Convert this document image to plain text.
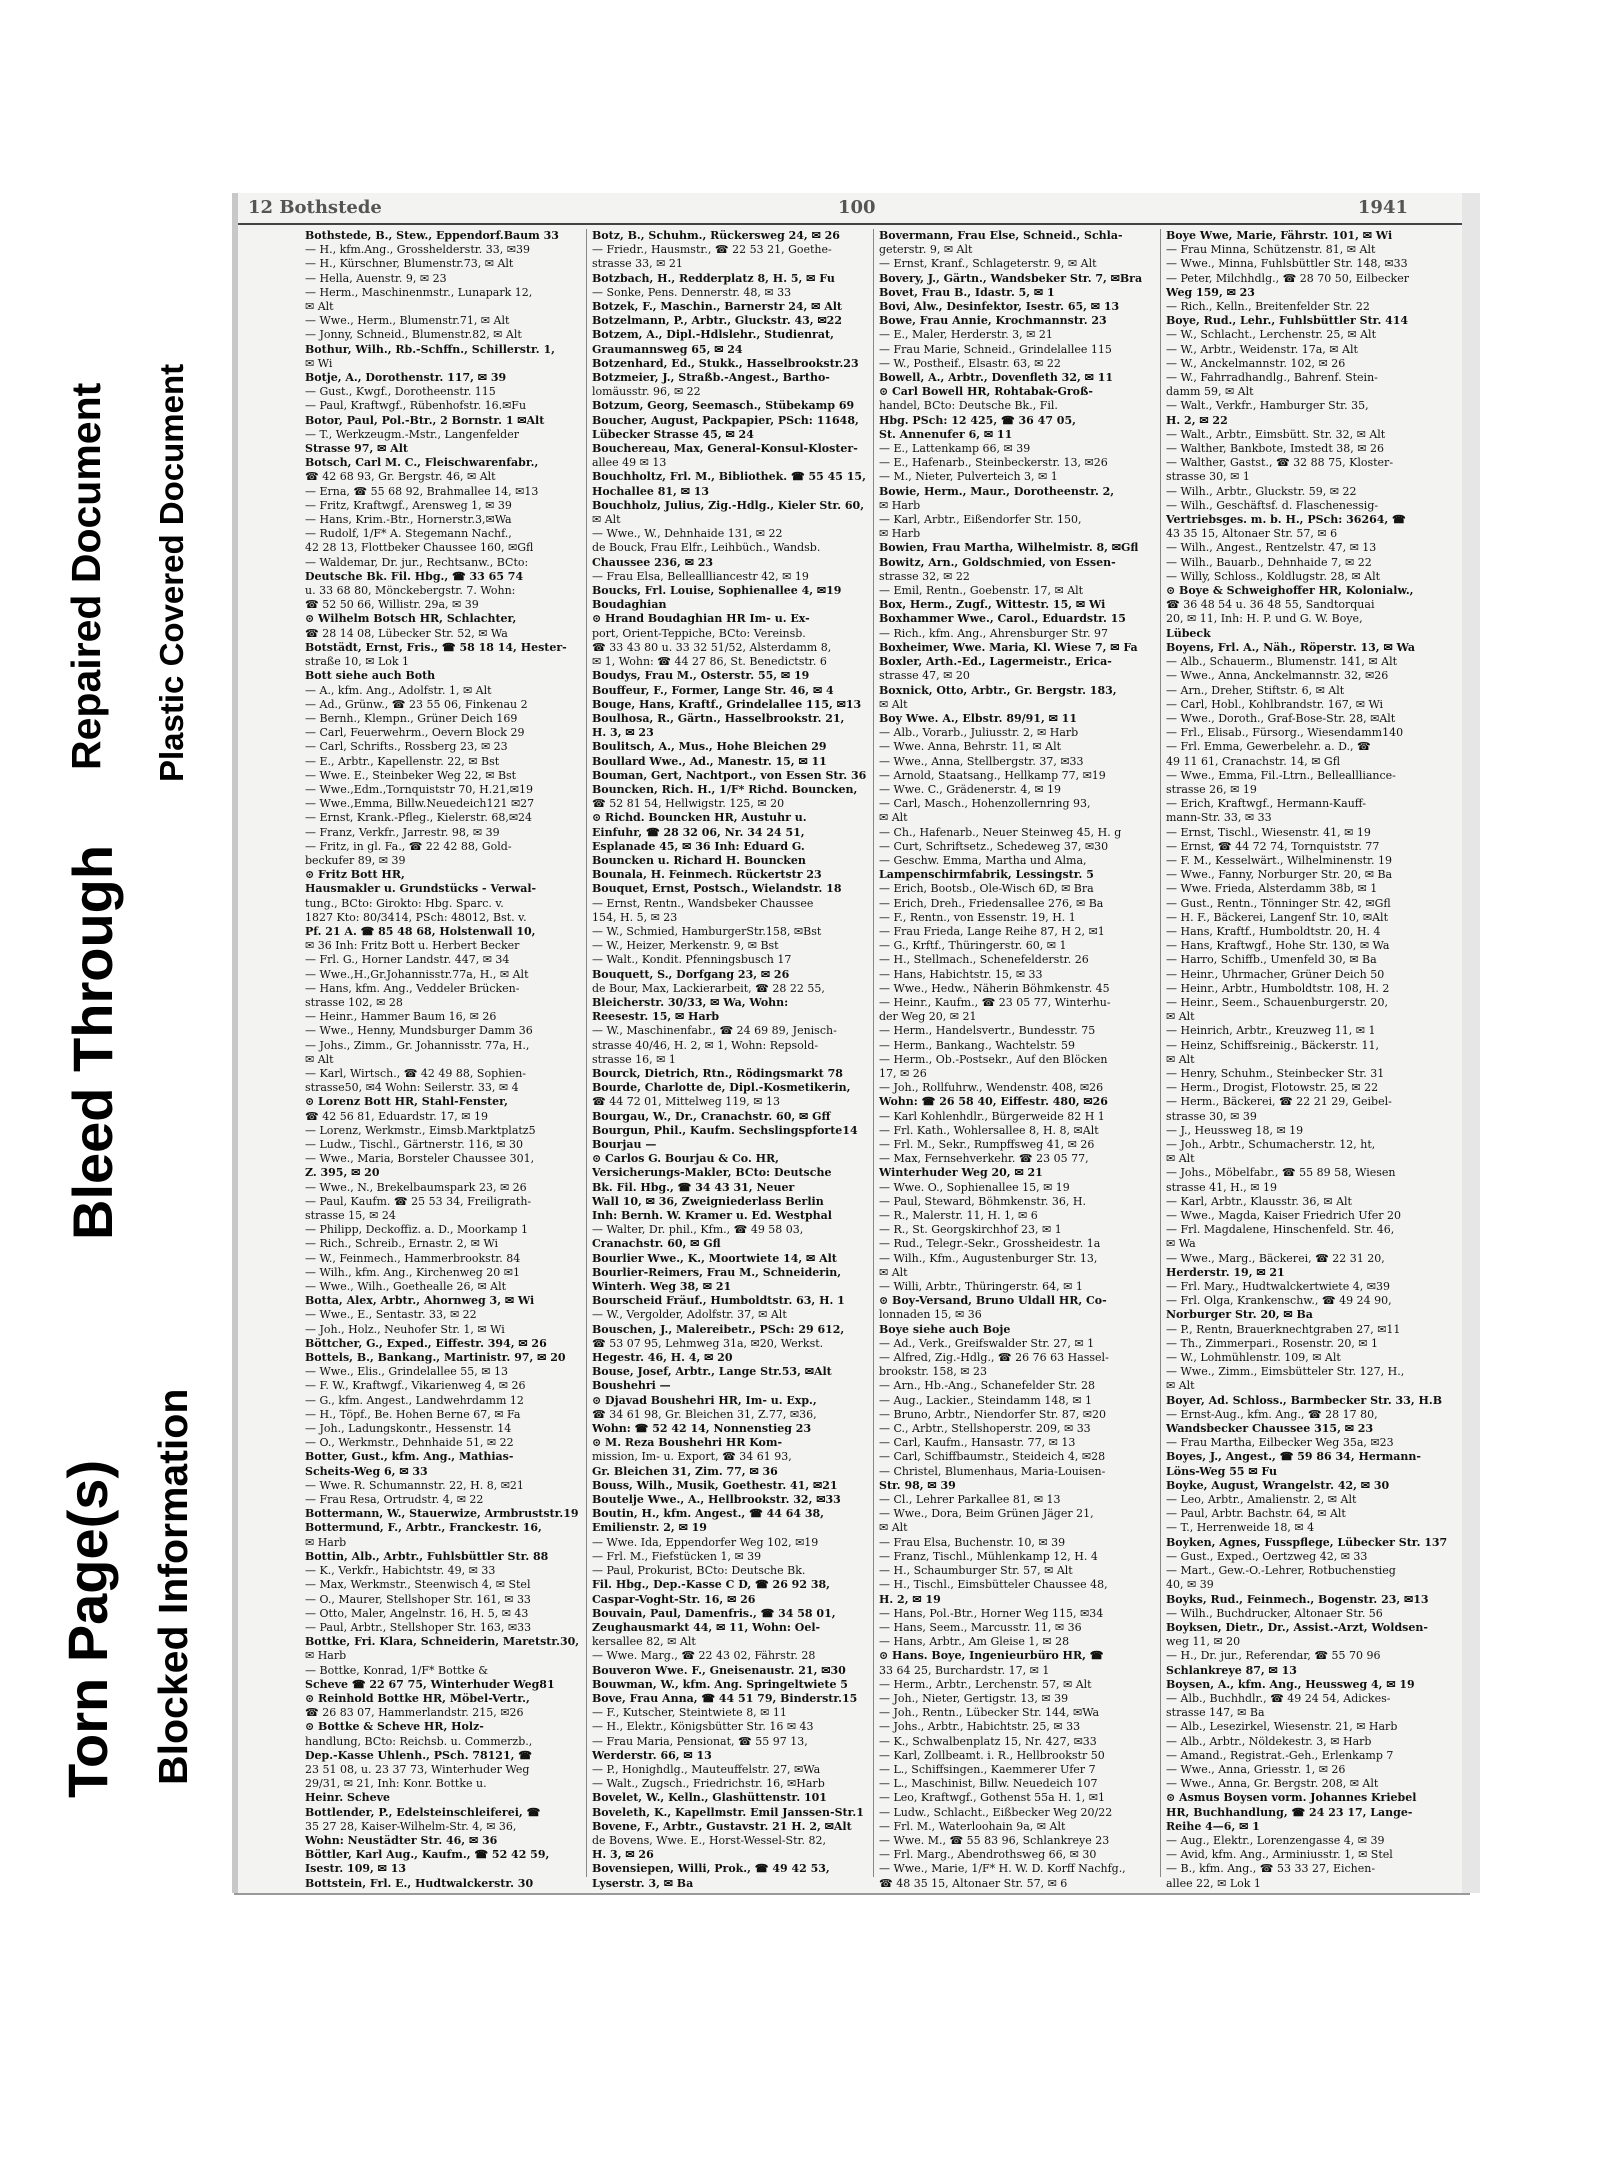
Torn Page(s)
Bleed Through
Repaired Document
Blocked Information
Plastic Covered Document
12 Bothstede	100	1941

Bothstede, B., Stew., Eppendorf.Baum 33

— H., kfm.Ang., Grosshelderstr. 33, ✉39

— H., Kürschner, Blumenstr.73, ✉ Alt

— Hella, Auenstr. 9, ✉ 23

— Herm., Maschinenmstr., Lunapark 12,

✉ Alt

— Wwe., Herm., Blumenstr.71, ✉ Alt

— Jonny, Schneid., Blumenstr.82, ✉ Alt

Bothur, Wilh., Rb.-Schffn., Schillerstr. 1,

✉ Wi

Botje, A., Dorothenstr. 117, ✉ 39

— Gust., Kwgf., Dorotheenstr. 115

— Paul, Kraftwgf., Rübenhofstr. 16.✉Fu

Botor, Paul, Pol.-Btr., 2 Bornstr. 1 ✉Alt

— T., Werkzeugm.-Mstr., Langenfelder

Strasse 97, ✉ Alt

Botsch, Carl M. C., Fleischwarenfabr.,

☎ 42 68 93, Gr. Bergstr. 46, ✉ Alt

— Erna, ☎ 55 68 92, Brahmallee 14, ✉13

— Fritz, Kraftwgf., Arensweg 1, ✉ 39

— Hans, Krim.-Btr., Hornerstr.3,✉Wa

— Rudolf, 1/F* A. Stegemann Nachf.,

42 28 13, Flottbeker Chaussee 160, ✉Gfl

— Waldemar, Dr. jur., Rechtsanw., BCto:

Deutsche Bk. Fil. Hbg., ☎ 33 65 74

u. 33 68 80, Mönckebergstr. 7. Wohn:

☎ 52 50 66, Willistr. 29a, ✉ 39

⊙ Wilhelm Botsch HR, Schlachter,

☎ 28 14 08, Lübecker Str. 52, ✉ Wa

Botstädt, Ernst, Fris., ☎ 58 18 14, Hester-

straße 10, ✉ Lok 1

Bott siehe auch Both

— A., kfm. Ang., Adolfstr. 1, ✉ Alt

— Ad., Grünw., ☎ 23 55 06, Finkenau 2

— Bernh., Klempn., Grüner Deich 169

— Carl, Feuerwehrm., Oevern Block 29

— Carl, Schrifts., Rossberg 23, ✉ 23

— E., Arbtr., Kapellenstr. 22, ✉ Bst

— Wwe. E., Steinbeker Weg 22, ✉ Bst

— Wwe.,Edm.,Tornquiststr 70, H.21,✉19

— Wwe.,Emma, Billw.Neuedeich121 ✉27

— Ernst, Krank.-Pfleg., Kielerstr. 68,✉24

— Franz, Verkfr., Jarrestr. 98, ✉ 39

— Fritz, in gl. Fa., ☎ 22 42 88, Gold-

beckufer 89, ✉ 39

⊙ Fritz Bott HR,

Hausmakler u. Grundstücks - Verwal-

tung., BCto: Girokto: Hbg. Sparc. v.

1827 Kto: 80/3414, PSch: 48012, Bst. v.

Pf. 21 A. ☎ 85 48 68, Holstenwall 10,

✉ 36 Inh: Fritz Bott u. Herbert Becker

— Frl. G., Horner Landstr. 447, ✉ 34

— Wwe.,H.,Gr.Johannisstr.77a, H., ✉ Alt

— Hans, kfm. Ang., Veddeler Brücken-

strasse 102, ✉ 28

— Heinr., Hammer Baum 16, ✉ 26

— Wwe., Henny, Mundsburger Damm 36

— Johs., Zimm., Gr. Johannisstr. 77a, H.,

✉ Alt

— Karl, Wirtsch., ☎ 42 49 88, Sophien-

strasse50, ✉4 Wohn: Seilerstr. 33, ✉ 4

⊙ Lorenz Bott HR, Stahl-Fenster,

☎ 42 56 81, Eduardstr. 17, ✉ 19

— Lorenz, Werkmstr., Eimsb.Marktplatz5

— Ludw., Tischl., Gärtnerstr. 116, ✉ 30

— Wwe., Maria, Borsteler Chaussee 301,

Z. 395, ✉ 20

— Wwe., N., Brekelbaumspark 23, ✉ 26

— Paul, Kaufm. ☎ 25 53 34, Freiligrath-

strasse 15, ✉ 24

— Philipp, Deckoffiz. a. D., Moorkamp 1

— Rich., Schreib., Ernastr. 2, ✉ Wi

— W., Feinmech., Hammerbrookstr. 84

— Wilh., kfm. Ang., Kirchenweg 20 ✉1

— Wwe., Wilh., Goethealle 26, ✉ Alt

Botta, Alex, Arbtr., Ahornweg 3, ✉ Wi

— Wwe., E., Sentastr. 33, ✉ 22

— Joh., Holz., Neuhofer Str. 1, ✉ Wi

Böttcher, G., Exped., Eiffestr. 394, ✉ 26

Bottels, B., Bankang., Martinistr. 97, ✉ 20

— Wwe., Elis., Grindelallee 55, ✉ 13

— F. W., Kraftwgf., Vikarienweg 4, ✉ 26

— G., kfm. Angest., Landwehrdamm 12

— H., Töpf., Be. Hohen Berne 67, ✉ Fa

— Joh., Ladungskontr., Hessenstr. 14

— O., Werkmstr., Dehnhaide 51, ✉ 22

Botter, Gust., kfm. Ang., Mathias-

Scheits-Weg 6, ✉ 33

— Wwe. R. Schumannstr. 22, H. 8, ✉21

— Frau Resa, Ortrudstr. 4, ✉ 22

Bottermann, W., Stauerwize, Armbruststr.19

Bottermund, F., Arbtr., Franckestr. 16,

✉ Harb

Bottin, Alb., Arbtr., Fuhlsbüttler Str. 88

— K., Verkfr., Habichtstr. 49, ✉ 33

— Max, Werkmstr., Steenwisch 4, ✉ Stel

— O., Maurer, Stellshoper Str. 161, ✉ 33

— Otto, Maler, Angelnstr. 16, H. 5, ✉ 43

— Paul, Arbtr., Stellshoper Str. 163, ✉33

Bottke, Fri. Klara, Schneiderin, Maretstr.30,

✉ Harb

— Bottke, Konrad, 1/F* Bottke &

Scheve ☎ 22 67 75, Winterhuder Weg81

⊙ Reinhold Bottke HR, Möbel-Vertr.,

☎ 26 83 07, Hammerlandstr. 215, ✉26

⊙ Bottke & Scheve HR, Holz-

handlung, BCto: Reichsb. u. Commerzb.,

Dep.-Kasse Uhlenh., PSch. 78121, ☎

23 51 08, u. 23 37 73, Winterhuder Weg

29/31, ✉ 21, Inh: Konr. Bottke u.

Heinr. Scheve

Bottlender, P., Edelsteinschleiferei, ☎

35 27 28, Kaiser-Wilhelm-Str. 4, ✉ 36,

Wohn: Neustädter Str. 46, ✉ 36

Böttler, Karl Aug., Kaufm., ☎ 52 42 59,

Isestr. 109, ✉ 13

Bottstein, Frl. E., Hudtwalckerstr. 30

Botz, B., Schuhm., Rückersweg 24, ✉ 26

— Friedr., Hausmstr., ☎ 22 53 21, Goethe-

strasse 33, ✉ 21

Botzbach, H., Redderplatz 8, H. 5, ✉ Fu

— Sonke, Pens. Dennerstr. 48, ✉ 33

Botzek, F., Maschin., Barnerstr 24, ✉ Alt

Botzelmann, P., Arbtr., Gluckstr. 43, ✉22

Botzem, A., Dipl.-Hdlslehr., Studienrat,

Graumannsweg 65, ✉ 24

Botzenhard, Ed., Stukk., Hasselbrookstr.23

Botzmeier, J., Straßb.-Angest., Bartho-

lomäusstr. 96, ✉ 22

Botzum, Georg, Seemasch., Stübekamp 69

Boucher, August, Packpapier, PSch: 11648,

Lübecker Strasse 45, ✉ 24

Bouchereau, Max, General-Konsul-Kloster-

allee 49 ✉ 13

Bouchholtz, Frl. M., Bibliothek. ☎ 55 45 15,

Hochallee 81, ✉ 13

Bouchholz, Julius, Zig.-Hdlg., Kieler Str. 60,

✉ Alt

— Wwe., W., Dehnhaide 131, ✉ 22

de Bouck, Frau Elfr., Leihbüch., Wandsb.

Chaussee 236, ✉ 23

— Frau Elsa, Belleallliancestr 42, ✉ 19

Boucks, Frl. Louise, Sophienallee 4, ✉19

Boudaghian

⊙ Hrand Boudaghian HR Im- u. Ex-

port, Orient-Teppiche, BCto: Vereinsb.

☎ 33 43 80 u. 33 32 51/52, Alsterdamm 8,

✉ 1, Wohn: ☎ 44 27 86, St. Benedictstr. 6

Boudys, Frau M., Osterstr. 55, ✉ 19

Bouffeur, F., Former, Lange Str. 46, ✉ 4

Bouge, Hans, Kraftf., Grindelallee 115, ✉13

Boulhosa, R., Gärtn., Hasselbrookstr. 21,

H. 3, ✉ 23

Boulitsch, A., Mus., Hohe Bleichen 29

Boullard Wwe., Ad., Manestr. 15, ✉ 11

Bouman, Gert, Nachtport., von Essen Str. 36

Bouncken, Rich. H., 1/F* Richd. Bouncken,

☎ 52 81 54, Hellwigstr. 125, ✉ 20

⊙ Richd. Bouncken HR, Austuhr u.

Einfuhr, ☎ 28 32 06, Nr. 34 24 51,

Esplanade 45, ✉ 36 Inh: Eduard G.

Bouncken u. Richard H. Bouncken

Bounala, H. Feinmech. Rückertstr 23

Bouquet, Ernst, Postsch., Wielandstr. 18

— Ernst, Rentn., Wandsbeker Chaussee

154, H. 5, ✉ 23

— W., Schmied, HamburgerStr.158, ✉Bst

— W., Heizer, Merkenstr. 9, ✉ Bst

— Walt., Kondit. Pfenningsbusch 17

Bouquett, S., Dorfgang 23, ✉ 26

de Bour, Max, Lackierarbeit, ☎ 28 22 55,

Bleicherstr. 30/33, ✉ Wa, Wohn:

Reesestr. 15, ✉ Harb

— W., Maschinenfabr., ☎ 24 69 89, Jenisch-

strasse 40/46, H. 2, ✉ 1, Wohn: Repsold-

strasse 16, ✉ 1

Bourck, Dietrich, Rtn., Rödingsmarkt 78

Bourde, Charlotte de, Dipl.-Kosmetikerin,

☎ 44 72 01, Mittelweg 119, ✉ 13

Bourgau, W., Dr., Cranachstr. 60, ✉ Gff

Bourgun, Phil., Kaufm. Sechslingspforte14

Bourjau —

⊙ Carlos G. Bourjau & Co. HR,

Versicherungs-Makler, BCto: Deutsche

Bk. Fil. Hbg., ☎ 34 43 31, Neuer

Wall 10, ✉ 36, Zweigniederlass Berlin

Inh: Bernh. W. Kramer u. Ed. Westphal

— Walter, Dr. phil., Kfm., ☎ 49 58 03,

Cranachstr. 60, ✉ Gfl

Bourlier Wwe., K., Moortwiete 14, ✉ Alt

Bourlier-Reimers, Frau M., Schneiderin,

Winterh. Weg 38, ✉ 21

Bourscheid Fräuf., Humboldtstr. 63, H. 1

— W., Vergolder, Adolfstr. 37, ✉ Alt

Bouschen, J., Malereibetr., PSch: 29 612,

☎ 53 07 95, Lehmweg 31a, ✉20, Werkst.

Hegestr. 46, H. 4, ✉ 20

Bouse, Josef, Arbtr., Lange Str.53, ✉Alt

Boushehri —

⊙ Djavad Boushehri HR, Im- u. Exp.,

☎ 34 61 98, Gr. Bleichen 31, Z.77, ✉36,

Wohn: ☎ 52 42 14, Nonnenstieg 23

⊙ M. Reza Boushehri HR Kom-

mission, Im- u. Export, ☎ 34 61 93,

Gr. Bleichen 31, Zim. 77, ✉ 36

Bouss, Wilh., Musik, Goethestr. 41, ✉21

Boutelje Wwe., A., Hellbrookstr. 32, ✉33

Boutin, H., kfm. Angest., ☎ 44 64 38,

Emilienstr. 2, ✉ 19

— Wwe. Ida, Eppendorfer Weg 102, ✉19

— Frl. M., Fiefstücken 1, ✉ 39

— Paul, Prokurist, BCto: Deutsche Bk.

Fil. Hbg., Dep.-Kasse C D, ☎ 26 92 38,

Caspar-Voght-Str. 16, ✉ 26

Bouvain, Paul, Damenfris., ☎ 34 58 01,

Zeughausmarkt 44, ✉ 11, Wohn: Oel-

kersallee 82, ✉ Alt

— Wwe. Marg., ☎ 22 43 02, Fährstr. 28

Bouveron Wwe. F., Gneisenaustr. 21, ✉30

Bouwman, W., kfm. Ang. Springeltwiete 5

Bove, Frau Anna, ☎ 44 51 79, Binderstr.15

— F., Kutscher, Steintwiete 8, ✉ 11

— H., Elektr., Königsbütter Str. 16 ✉ 43

— Frau Maria, Pensionat, ☎ 55 97 13,

Werderstr. 66, ✉ 13

— P., Honighdlg., Mauteuffelstr. 27, ✉Wa

— Walt., Zugsch., Friedrichstr. 16, ✉Harb

Bovelet, W., Kelln., Glashüttenstr. 101

Boveleth, K., Kapellmstr. Emil Janssen-Str.1

Bovene, F., Arbtr., Gustavstr. 21 H. 2, ✉Alt

de Bovens, Wwe. E., Horst-Wessel-Str. 82,

H. 3, ✉ 26

Bovensiepen, Willi, Prok., ☎ 49 42 53,

Lyserstr. 3, ✉ Ba

Bovermann, Frau Else, Schneid., Schla-

geterstr. 9, ✉ Alt

— Ernst, Kranf., Schlageterstr. 9, ✉ Alt

Bovery, J., Gärtn., Wandsbeker Str. 7, ✉Bra

Bovet, Frau B., Idastr. 5, ✉ 1

Bovi, Alw., Desinfektor, Isestr. 65, ✉ 13

Bowe, Frau Annie, Krochmannstr. 23

— E., Maler, Herderstr. 3, ✉ 21

— Frau Marie, Schneid., Grindelallee 115

— W., Postheif., Elsastr. 63, ✉ 22

Bowell, A., Arbtr., Dovenfleth 32, ✉ 11

⊙ Carl Bowell HR, Rohtabak-Groß-

handel, BCto: Deutsche Bk., Fil.

Hbg. PSch: 12 425, ☎ 36 47 05,

St. Annenufer 6, ✉ 11

— E., Lattenkamp 66, ✉ 39

— E., Hafenarb., Steinbeckerstr. 13, ✉26

— M., Nieter, Pulverteich 3, ✉ 1

Bowie, Herm., Maur., Dorotheenstr. 2,

✉ Harb

— Karl, Arbtr., Eißendorfer Str. 150,

✉ Harb

Bowien, Frau Martha, Wilhelmistr. 8, ✉Gfl

Bowitz, Arn., Goldschmied, von Essen-

strasse 32, ✉ 22

— Emil, Rentn., Goebenstr. 17, ✉ Alt

Box, Herm., Zugf., Wittestr. 15, ✉ Wi

Boxhammer Wwe., Carol., Eduardstr. 15

— Rich., kfm. Ang., Ahrensburger Str. 97

Boxheimer, Wwe. Maria, Kl. Wiese 7, ✉ Fa

Boxler, Arth.-Ed., Lagermeistr., Erica-

strasse 47, ✉ 20

Boxnick, Otto, Arbtr., Gr. Bergstr. 183,

✉ Alt

Boy Wwe. A., Elbstr. 89/91, ✉ 11

— Alb., Vorarb., Juliusstr. 2, ✉ Harb

— Wwe. Anna, Behrstr. 11, ✉ Alt

— Wwe., Anna, Stellbergstr. 37, ✉33

— Arnold, Staatsang., Hellkamp 77, ✉19

— Wwe. C., Grädenerstr. 4, ✉ 19

— Carl, Masch., Hohenzollernring 93,

✉ Alt

— Ch., Hafenarb., Neuer Steinweg 45, H. g

— Curt, Schriftsetz., Schedeweg 37, ✉30

— Geschw. Emma, Martha und Alma,

Lampenschirmfabrik, Lessingstr. 5

— Erich, Bootsb., Ole-Wisch 6D, ✉ Bra

— Erich, Dreh., Friedensallee 276, ✉ Ba

— F., Rentn., von Essenstr. 19, H. 1

— Frau Frieda, Lange Reihe 87, H 2, ✉1

— G., Krftf., Thüringerstr. 60, ✉ 1

— H., Stellmach., Schenefelderstr. 26

— Hans, Habichtstr. 15, ✉ 33

— Wwe., Hedw., Näherin Böhmkenstr. 45

— Heinr., Kaufm., ☎ 23 05 77, Winterhu-

der Weg 20, ✉ 21

— Herm., Handelsvertr., Bundesstr. 75

— Herm., Bankang., Wachtelstr. 59

— Herm., Ob.-Postsekr., Auf den Blöcken

17, ✉ 26

— Joh., Rollfuhrw., Wendenstr. 408, ✉26

Wohn: ☎ 26 58 40, Eiffestr. 480, ✉26

— Karl Kohlenhdlr., Bürgerweide 82 H 1

— Frl. Kath., Wohlersallee 8, H. 8, ✉Alt

— Frl. M., Sekr., Rumpffsweg 41, ✉ 26

— Max, Fernsehverkehr. ☎ 23 05 77,

Winterhuder Weg 20, ✉ 21

— Wwe. O., Sophienallee 15, ✉ 19

— Paul, Steward, Böhmkenstr. 36, H.

— R., Malerstr. 11, H. 1, ✉ 6

— R., St. Georgskirchhof 23, ✉ 1

— Rud., Telegr.-Sekr., Grossheidestr. 1a

— Wilh., Kfm., Augustenburger Str. 13,

✉ Alt

— Willi, Arbtr., Thüringerstr. 64, ✉ 1

⊙ Boy-Versand, Bruno Uldall HR, Co-

lonnaden 15, ✉ 36

Boye siehe auch Boje

— Ad., Verk., Greifswalder Str. 27, ✉ 1

— Alfred, Zig.-Hdlg., ☎ 26 76 63 Hassel-

brookstr. 158, ✉ 23

— Arn., Hb.-Ang., Schanefelder Str. 28

— Aug., Lackier., Steindamm 148, ✉ 1

— Bruno, Arbtr., Niendorfer Str. 87, ✉20

— C., Arbtr., Stellshoperstr. 209, ✉ 33

— Carl, Kaufm., Hansastr. 77, ✉ 13

— Carl, Schiffbaumstr., Steideich 4, ✉28

— Christel, Blumenhaus, Maria-Louisen-

Str. 98, ✉ 39

— Cl., Lehrer Parkallee 81, ✉ 13

— Wwe., Dora, Beim Grünen Jäger 21,

✉ Alt

— Frau Elsa, Buchenstr. 10, ✉ 39

— Franz, Tischl., Mühlenkamp 12, H. 4

— H., Schaumburger Str. 57, ✉ Alt

— H., Tischl., Eimsbütteler Chaussee 48,

H. 2, ✉ 19

— Hans, Pol.-Btr., Horner Weg 115, ✉34

— Hans, Seem., Marcusstr. 11, ✉ 36

— Hans, Arbtr., Am Gleise 1, ✉ 28

⊙ Hans. Boye, Ingenieurbüro HR, ☎

33 64 25, Burchardstr. 17, ✉ 1

— Herm., Arbtr., Lerchenstr. 57, ✉ Alt

— Joh., Nieter, Gertigstr. 13, ✉ 39

— Joh., Rentn., Lübecker Str. 144, ✉Wa

— Johs., Arbtr., Habichtstr. 25, ✉ 33

— K., Schwalbenplatz 15, Nr. 427, ✉33

— Karl, Zollbeamt. i. R., Hellbrookstr 50

— L., Schiffsingen., Kaemmerer Ufer 7

— L., Maschinist, Billw. Neuedeich 107

— Leo, Kraftwgf., Gothenst 55a H. 1, ✉1

— Ludw., Schlacht., Eißbecker Weg 20/22

— Frl. M., Waterloohain 9a, ✉ Alt

— Wwe. M., ☎ 55 83 96, Schlankreye 23

— Frl. Marg., Abendrothsweg 66, ✉ 30

— Wwe., Marie, 1/F* H. W. D. Korff Nachfg.,

☎ 48 35 15, Altonaer Str. 57, ✉ 6

Boye Wwe, Marie, Fährstr. 101, ✉ Wi

— Frau Minna, Schützenstr. 81, ✉ Alt

— Wwe., Minna, Fuhlsbüttler Str. 148, ✉33

— Peter, Milchhdlg., ☎ 28 70 50, Eilbecker

Weg 159, ✉ 23

— Rich., Kelln., Breitenfelder Str. 22

Boye, Rud., Lehr., Fuhlsbüttler Str. 414

— W., Schlacht., Lerchenstr. 25, ✉ Alt

— W., Arbtr., Weidenstr. 17a, ✉ Alt

— W., Anckelmannstr. 102, ✉ 26

— W., Fahrradhandlg., Bahrenf. Stein-

damm 59, ✉ Alt

— Walt., Verkfr., Hamburger Str. 35,

H. 2, ✉ 22

— Walt., Arbtr., Eimsbütt. Str. 32, ✉ Alt

— Walther, Bankbote, Imstedt 38, ✉ 26

— Walther, Gastst., ☎ 32 88 75, Kloster-

strasse 30, ✉ 1

— Wilh., Arbtr., Gluckstr. 59, ✉ 22

— Wilh., Geschäftsf. d. Flaschenessig-

Vertriebsges. m. b. H., PSch: 36264, ☎

43 35 15, Altonaer Str. 57, ✉ 6

— Wilh., Angest., Rentzelstr. 47, ✉ 13

— Wilh., Bauarb., Dehnhaide 7, ✉ 22

— Willy, Schloss., Koldlugstr. 28, ✉ Alt

⊙ Boye & Schweighoffer HR, Kolonialw.,

☎ 36 48 54 u. 36 48 55, Sandtorquai

20, ✉ 11, Inh: H. P. und G. W. Boye,

Lübeck

Boyens, Frl. A., Näh., Röperstr. 13, ✉ Wa

— Alb., Schauerm., Blumenstr. 141, ✉ Alt

— Wwe., Anna, Anckelmannstr. 32, ✉26

— Arn., Dreher, Stiftstr. 6, ✉ Alt

— Carl, Hobl., Kohlbrandstr. 167, ✉ Wi

— Wwe., Doroth., Graf-Bose-Str. 28, ✉Alt

— Frl., Elisab., Fürsorg., Wiesendamm140

— Frl. Emma, Gewerbelehr. a. D., ☎

49 11 61, Cranachstr. 14, ✉ Gfl

— Wwe., Emma, Fil.-Ltrn., Belleallliance-

strasse 26, ✉ 19

— Erich, Kraftwgf., Hermann-Kauff-

mann-Str. 33, ✉ 33

— Ernst, Tischl., Wiesenstr. 41, ✉ 19

— Ernst, ☎ 44 72 74, Tornquiststr. 77

— F. M., Kesselwärt., Wilhelminenstr. 19

— Wwe., Fanny, Norburger Str. 20, ✉ Ba

— Wwe. Frieda, Alsterdamm 38b, ✉ 1

— Gust., Rentn., Tönninger Str. 42, ✉Gfl

— H. F., Bäckerei, Langenf Str. 10, ✉Alt

— Hans, Kraftf., Humboldtstr. 20, H. 4

— Hans, Kraftwgf., Hohe Str. 130, ✉ Wa

— Harro, Schiffb., Umenfeld 30, ✉ Ba

— Heinr., Uhrmacher, Grüner Deich 50

— Heinr., Arbtr., Humboldtstr. 108, H. 2

— Heinr., Seem., Schauenburgerstr. 20,

✉ Alt

— Heinrich, Arbtr., Kreuzweg 11, ✉ 1

— Heinz, Schiffsreinig., Bäckerstr. 11,

✉ Alt

— Henry, Schuhm., Steinbecker Str. 31

— Herm., Drogist, Flotowstr. 25, ✉ 22

— Herm., Bäckerei, ☎ 22 21 29, Geibel-

strasse 30, ✉ 39

— J., Heussweg 18, ✉ 19

— Joh., Arbtr., Schumacherstr. 12, ht,

✉ Alt

— Johs., Möbelfabr., ☎ 55 89 58, Wiesen

strasse 41, H., ✉ 19

— Karl, Arbtr., Klausstr. 36, ✉ Alt

— Wwe., Magda, Kaiser Friedrich Ufer 20

— Frl. Magdalene, Hinschenfeld. Str. 46,

✉ Wa

— Wwe., Marg., Bäckerei, ☎ 22 31 20,

Herderstr. 19, ✉ 21

— Frl. Mary., Hudtwalckertwiete 4, ✉39

— Frl. Olga, Krankenschw., ☎ 49 24 90,

Norburger Str. 20, ✉ Ba

— P., Rentn, Brauerknechtgraben 27, ✉11

— Th., Zimmerpari., Rosenstr. 20, ✉ 1

— W., Lohmühlenstr. 109, ✉ Alt

— Wwe., Zimm., Eimsbütteler Str. 127, H.,

✉ Alt

Boyer, Ad. Schloss., Barmbecker Str. 33, H.B

— Ernst-Aug., kfm. Ang., ☎ 28 17 80,

Wandsbecker Chaussee 315, ✉ 23

— Frau Martha, Eilbecker Weg 35a, ✉23

Boyes, J., Angest., ☎ 59 86 34, Hermann-

Löns-Weg 55 ✉ Fu

Boyke, August, Wrangelstr. 42, ✉ 30

— Leo, Arbtr., Amalienstr. 2, ✉ Alt

— Paul, Arbtr. Bachstr. 64, ✉ Alt

— T., Herrenweide 18, ✉ 4

Boyken, Agnes, Fusspflege, Lübecker Str. 137

— Gust., Exped., Oertzweg 42, ✉ 33

— Mart., Gew.-O.-Lehrer, Rotbuchenstieg

40, ✉ 39

Boyks, Rud., Feinmech., Bogenstr. 23, ✉13

— Wilh., Buchdrucker, Altonaer Str. 56

Boyksen, Dietr., Dr., Assist.-Arzt, Woldsen-

weg 11, ✉ 20

— H., Dr. jur., Referendar, ☎ 55 70 96

Schlankreye 87, ✉ 13

Boysen, A., kfm. Ang., Heussweg 4, ✉ 19

— Alb., Buchhdlr., ☎ 49 24 54, Adickes-

strasse 147, ✉ Ba

— Alb., Lesezirkel, Wiesenstr. 21, ✉ Harb

— Alb., Arbtr., Nöldekestr. 3, ✉ Harb

— Amand., Registrat.-Geh., Erlenkamp 7

— Wwe., Anna, Griesstr. 1, ✉ 26

— Wwe., Anna, Gr. Bergstr. 208, ✉ Alt

⊙ Asmus Boysen vorm. Johannes Kriebel

HR, Buchhandlung, ☎ 24 23 17, Lange-

Reihe 4—6, ✉ 1

— Aug., Elektr., Lorenzengasse 4, ✉ 39

— Avid, kfm. Ang., Arminiusstr. 1, ✉ Stel

— B., kfm. Ang., ☎ 53 33 27, Eichen-

allee 22, ✉ Lok 1
